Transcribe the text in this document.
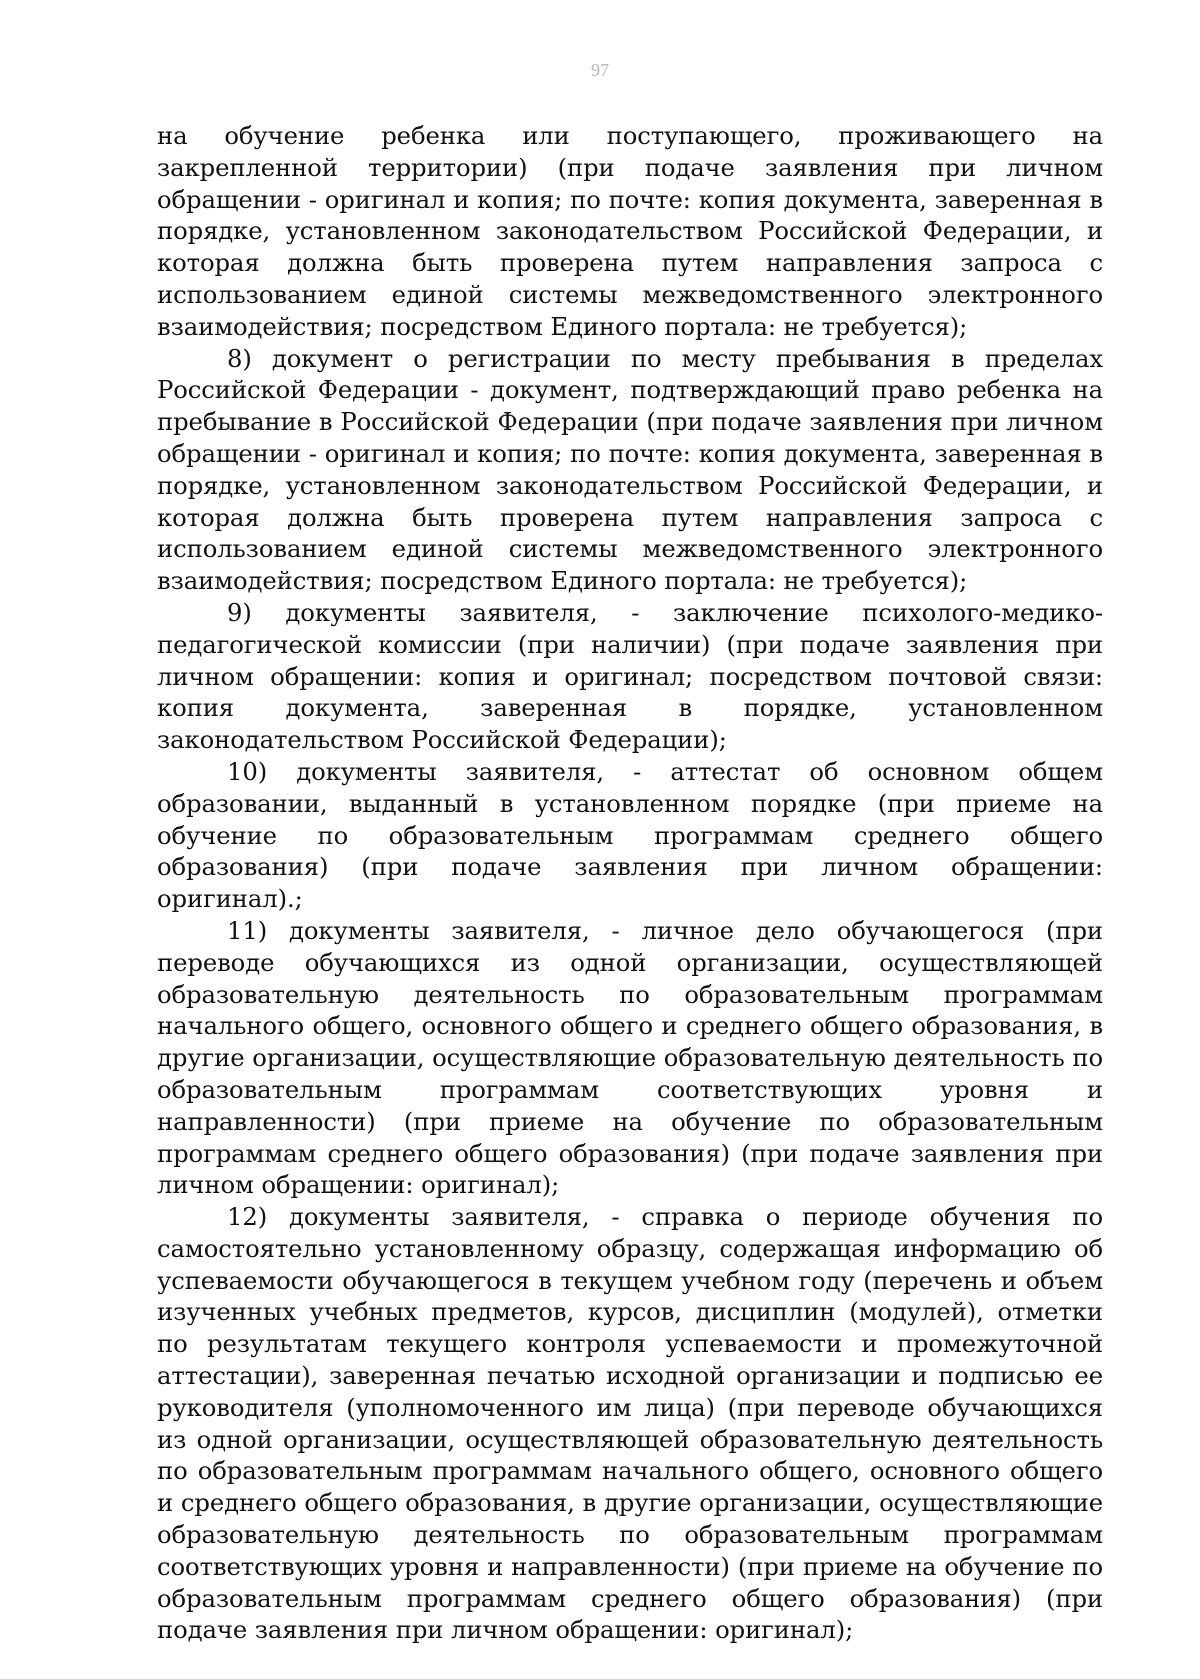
97

на обучение ребенка или поступающего, проживающего на закрепленной территории) (при подаче заявления при личном обращении - оригинал и копия; по почте: копия документа, заверенная в порядке, установленном законодательством Российской Федерации, и которая должна быть проверена путем направления запроса с использованием единой системы межведомственного электронного взаимодействия; посредством Единого портала: не требуется);

8) документ о регистрации по месту пребывания в пределах Российской Федерации - документ, подтверждающий право ребенка на пребывание в Российской Федерации (при подаче заявления при личном обращении - оригинал и копия; по почте: копия документа, заверенная в порядке, установленном законодательством Российской Федерации, и которая должна быть проверена путем направления запроса с использованием единой системы межведомственного электронного взаимодействия; посредством Единого портала: не требуется);

9) документы заявителя, - заключение психолого-медико-педагогической комиссии (при наличии) (при подаче заявления при личном обращении: копия и оригинал; посредством почтовой связи: копия документа, заверенная в порядке, установленном законодательством Российской Федерации);

10) документы заявителя, - аттестат об основном общем образовании, выданный в установленном порядке (при приеме на обучение по образовательным программам среднего общего образования) (при подаче заявления при личном обращении: оригинал).;

11) документы заявителя, - личное дело обучающегося (при переводе обучающихся из одной организации, осуществляющей образовательную деятельность по образовательным программам начального общего, основного общего и среднего общего образования, в другие организации, осуществляющие образовательную деятельность по образовательным программам соответствующих уровня и направленности) (при приеме на обучение по образовательным программам среднего общего образования) (при подаче заявления при личном обращении: оригинал);

12) документы заявителя, - справка о периоде обучения по самостоятельно установленному образцу, содержащая информацию об успеваемости обучающегося в текущем учебном году (перечень и объем изученных учебных предметов, курсов, дисциплин (модулей), отметки по результатам текущего контроля успеваемости и промежуточной аттестации), заверенная печатью исходной организации и подписью ее руководителя (уполномоченного им лица) (при переводе обучающихся из одной организации, осуществляющей образовательную деятельность по образовательным программам начального общего, основного общего и среднего общего образования, в другие организации, осуществляющие образовательную деятельность по образовательным программам соответствующих уровня и направленности) (при приеме на обучение по образовательным программам среднего общего образования) (при подаче заявления при личном обращении: оригинал);
